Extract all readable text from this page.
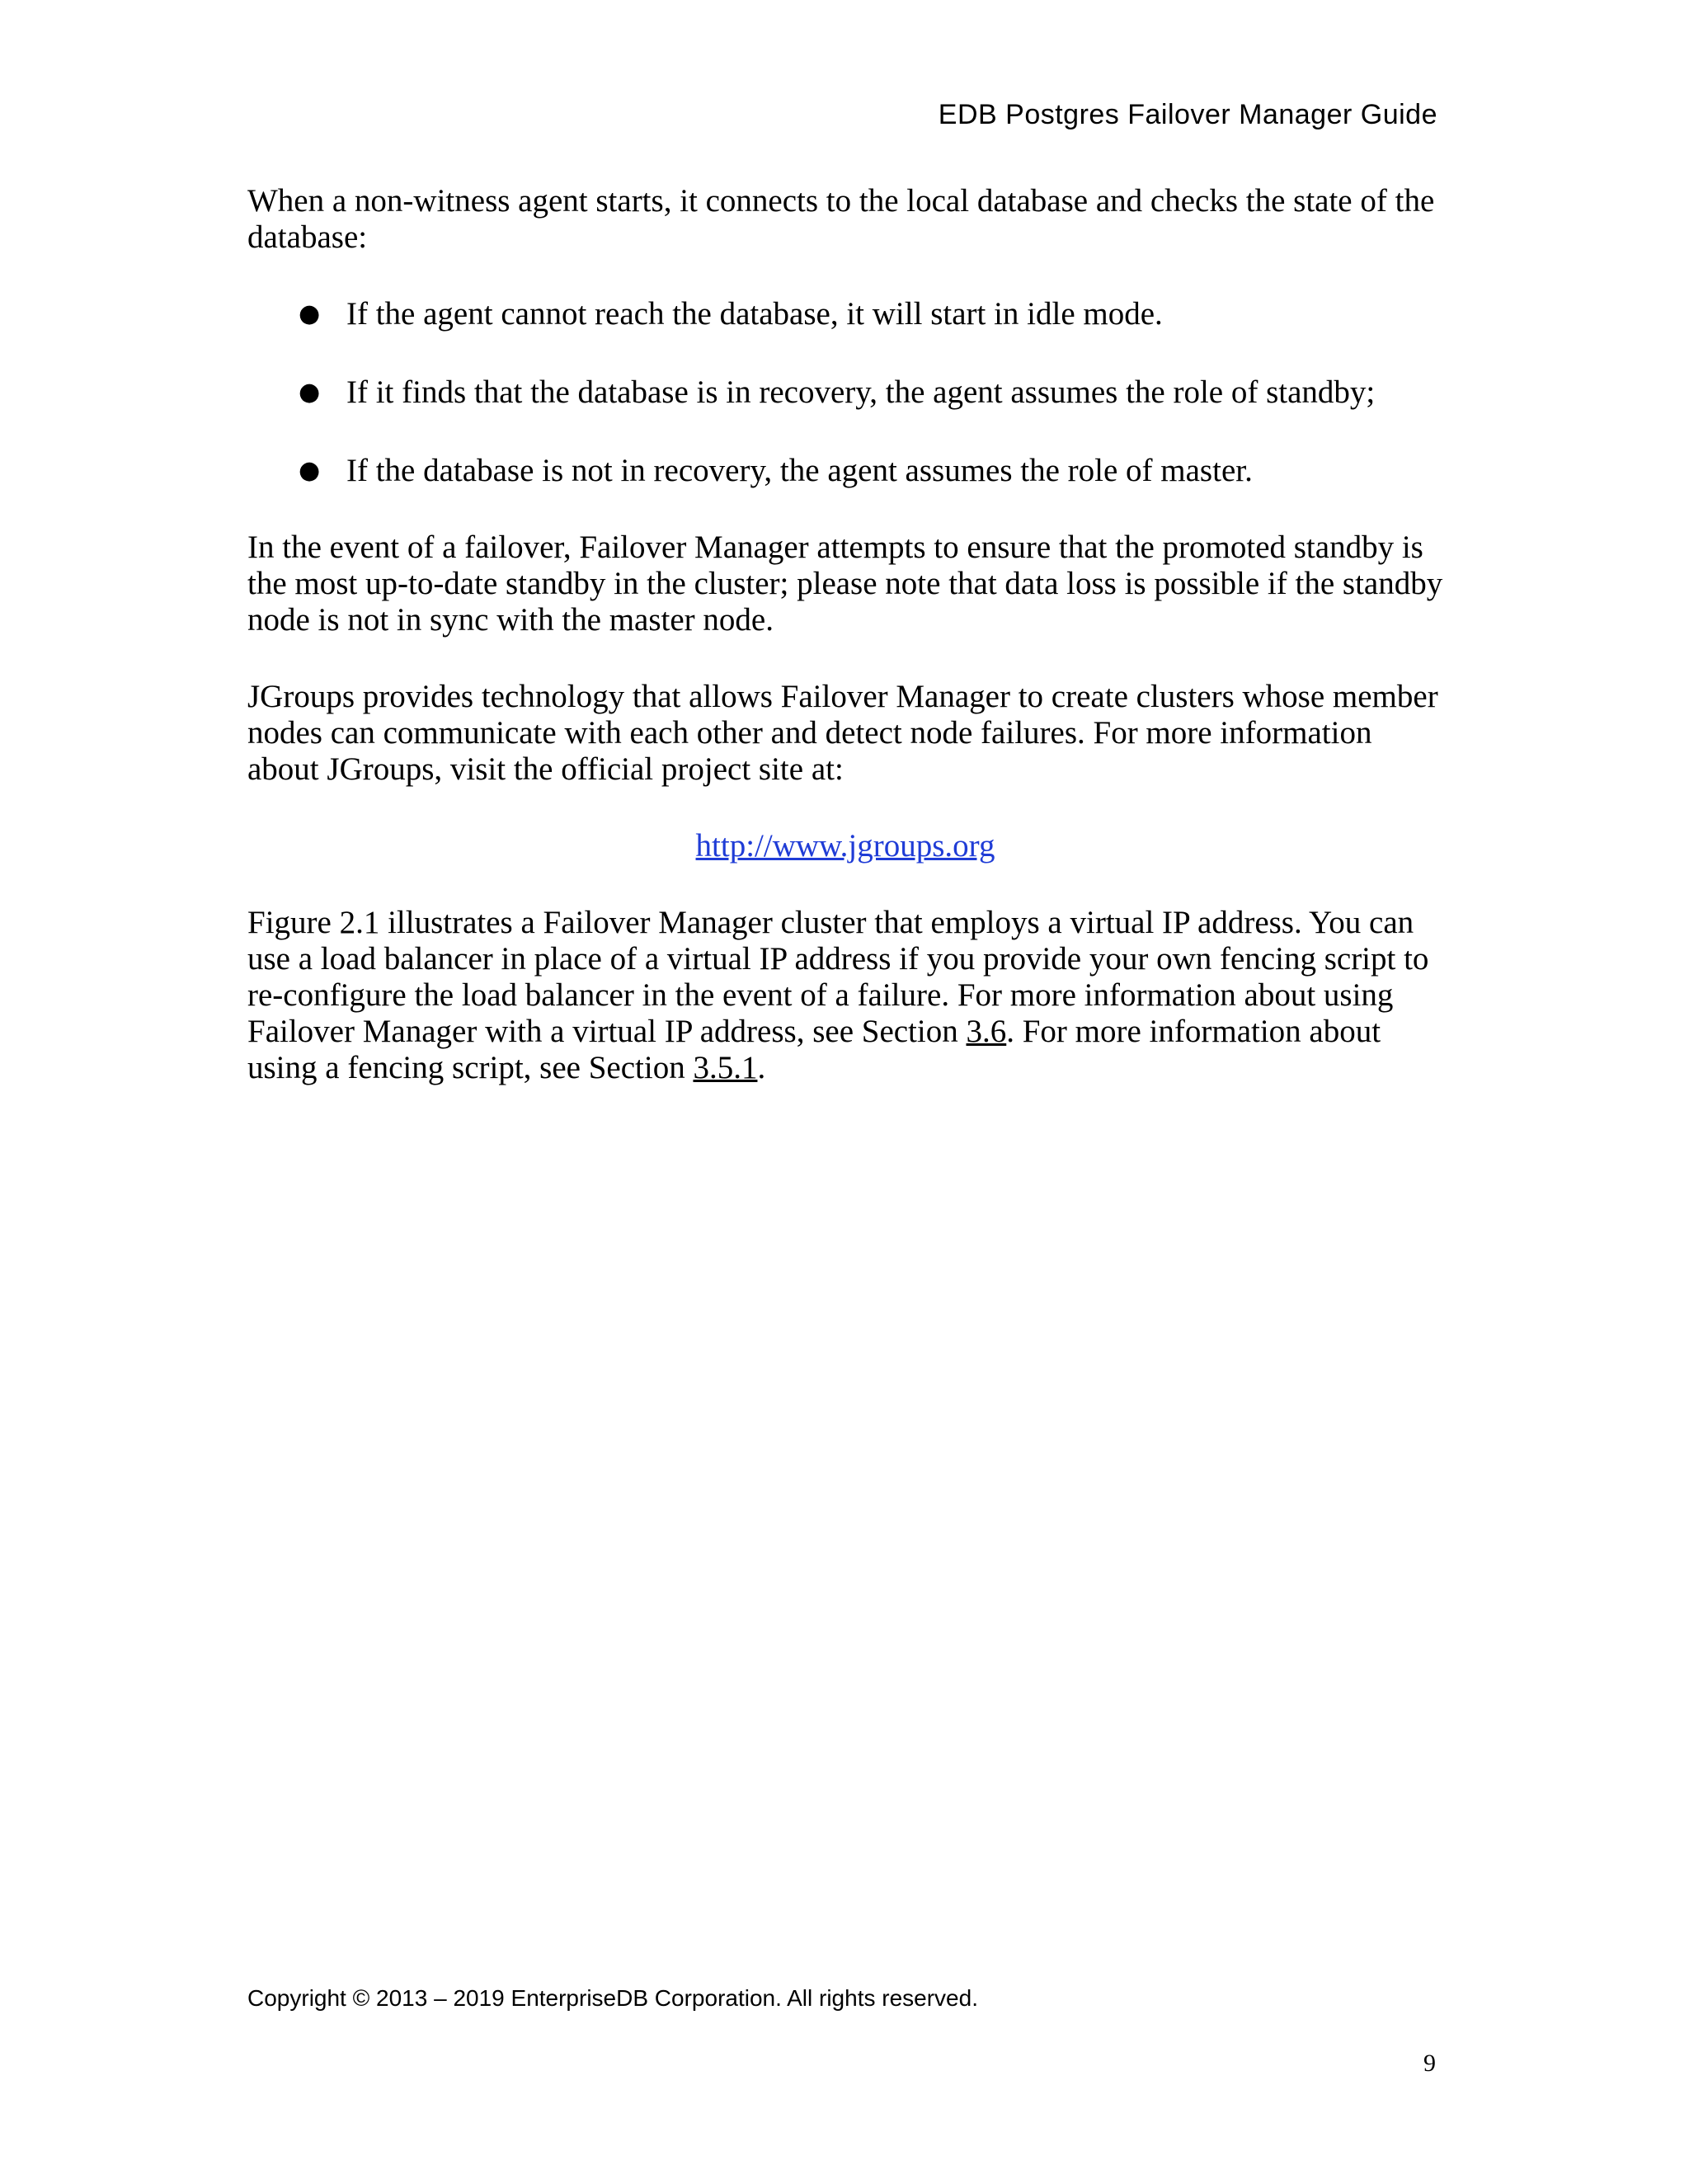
EDB Postgres Failover Manager Guide

When a non-witness agent starts, it connects to the local database and checks the state of the database:

● If the agent cannot reach the database, it will start in idle mode.
● If it finds that the database is in recovery, the agent assumes the role of standby;
● If the database is not in recovery, the agent assumes the role of master.

In the event of a failover, Failover Manager attempts to ensure that the promoted standby is the most up-to-date standby in the cluster; please note that data loss is possible if the standby node is not in sync with the master node.

JGroups provides technology that allows Failover Manager to create clusters whose member nodes can communicate with each other and detect node failures. For more information about JGroups, visit the official project site at:

http://www.jgroups.org

Figure 2.1 illustrates a Failover Manager cluster that employs a virtual IP address. You can use a load balancer in place of a virtual IP address if you provide your own fencing script to re-configure the load balancer in the event of a failure. For more information about using Failover Manager with a virtual IP address, see Section 3.6. For more information about using a fencing script, see Section 3.5.1.

Copyright © 2013 – 2019 EnterpriseDB Corporation. All rights reserved.
9
